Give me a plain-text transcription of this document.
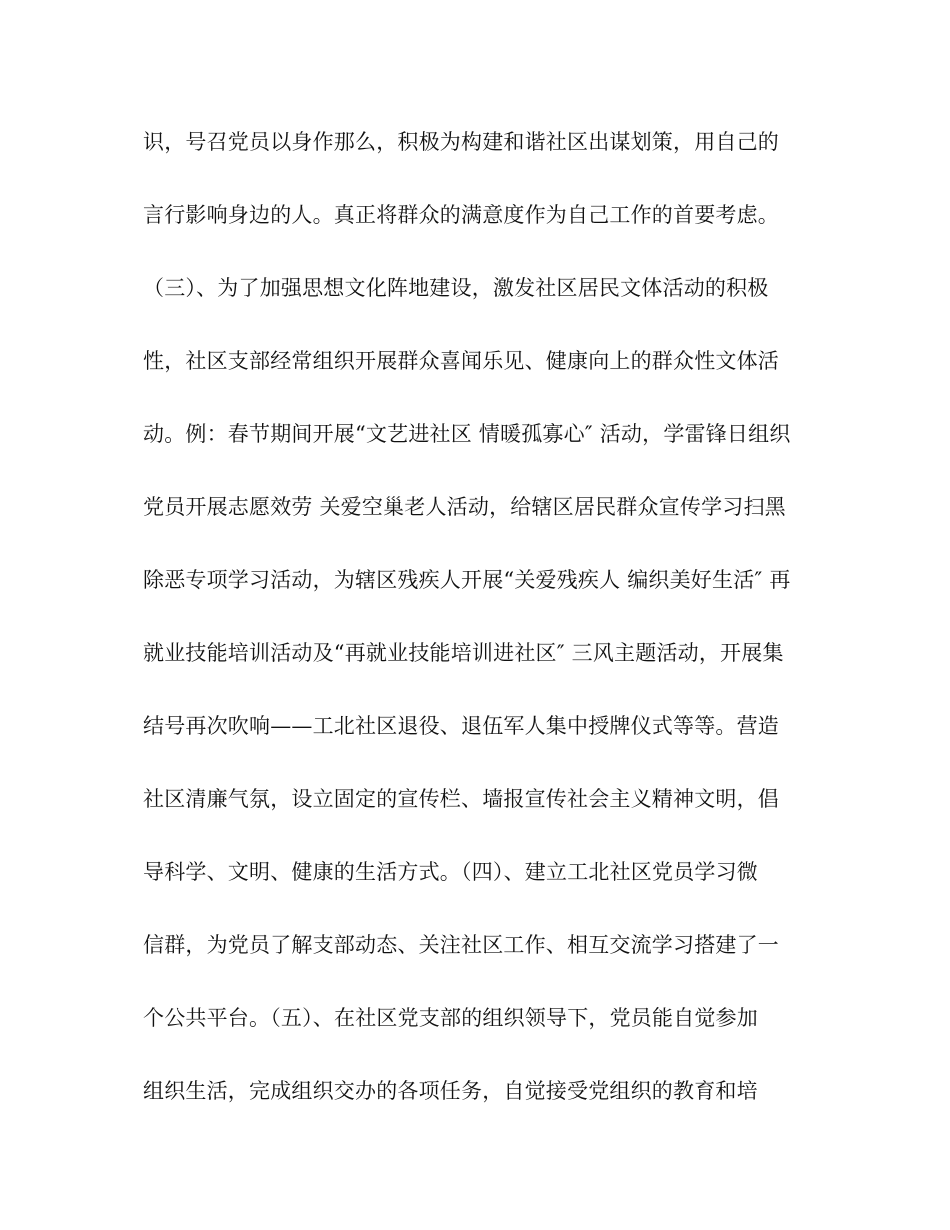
识，号召党员以身作那么，积极为构建和谐社区出谋划策，用自己的
言行影响身边的人。真正将群众的满意度作为自己工作的首要考虑。
（三）、为了加强思想文化阵地建设，激发社区居民文体活动的积极
性，社区支部经常组织开展群众喜闻乐见、健康向上的群众性文体活
动。例：春节期间开展“文艺进社区 情暖孤寡心″ 活动，学雷锋日组织
党员开展志愿效劳 关爱空巢老人活动，给辖区居民群众宣传学习扫黑
除恶专项学习活动，为辖区残疾人开展“关爱残疾人 编织美好生活″ 再
就业技能培训活动及“再就业技能培训进社区″ 三风主题活动，开展集
结号再次吹响——工北社区退役、退伍军人集中授牌仪式等等。营造
社区清廉气氛，设立固定的宣传栏、墙报宣传社会主义精神文明，倡
导科学、文明、健康的生活方式。（四）、建立工北社区党员学习微
信群，为党员了解支部动态、关注社区工作、相互交流学习搭建了一
个公共平台。（五）、在社区党支部的组织领导下，党员能自觉参加
组织生活，完成组织交办的各项任务，自觉接受党组织的教育和培
